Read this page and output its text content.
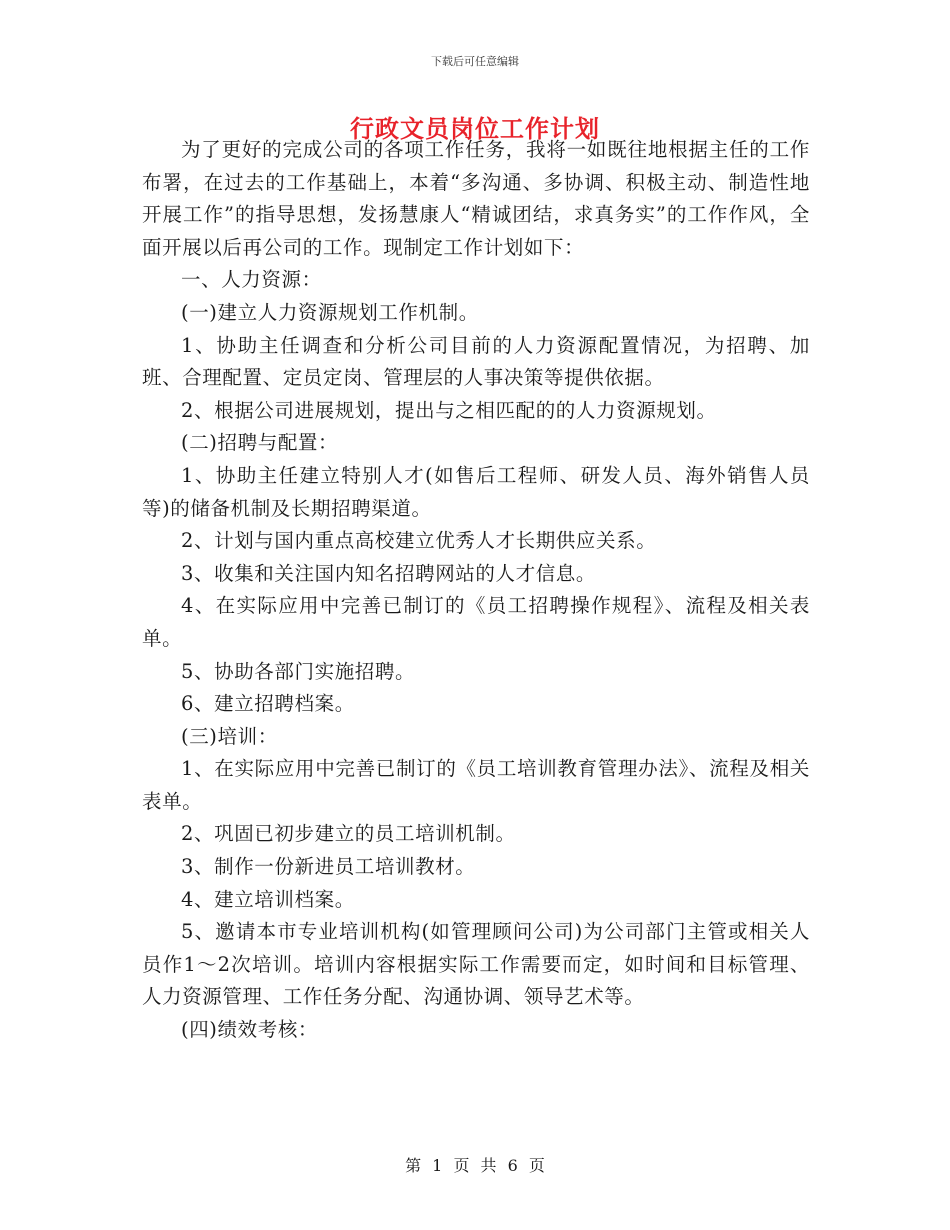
下载后可任意编辑
行政文员岗位工作计划

为了更好的完成公司的各项工作任务，我将一如既往地根据主任的工作布署，在过去的工作基础上，本着“多沟通、多协调、积极主动、制造性地开展工作”的指导思想，发扬慧康人“精诚团结，求真务实”的工作作风，全面开展以后再公司的工作。现制定工作计划如下：

一、人力资源：

(一)建立人力资源规划工作机制。

1、协助主任调查和分析公司目前的人力资源配置情况，为招聘、加班、合理配置、定员定岗、管理层的人事决策等提供依据。

2、根据公司进展规划，提出与之相匹配的的人力资源规划。

(二)招聘与配置：

1、协助主任建立特别人才(如售后工程师、研发人员、海外销售人员等)的储备机制及长期招聘渠道。

2、计划与国内重点高校建立优秀人才长期供应关系。

3、收集和关注国内知名招聘网站的人才信息。

4、在实际应用中完善已制订的《员工招聘操作规程》、流程及相关表单。

5、协助各部门实施招聘。

6、建立招聘档案。

(三)培训：

1、在实际应用中完善已制订的《员工培训教育管理办法》、流程及相关表单。

2、巩固已初步建立的员工培训机制。

3、制作一份新进员工培训教材。

4、建立培训档案。

5、邀请本市专业培训机构(如管理顾问公司)为公司部门主管或相关人员作1～2次培训。培训内容根据实际工作需要而定，如时间和目标管理、人力资源管理、工作任务分配、沟通协调、领导艺术等。

(四)绩效考核：

第 1 页 共 6 页
